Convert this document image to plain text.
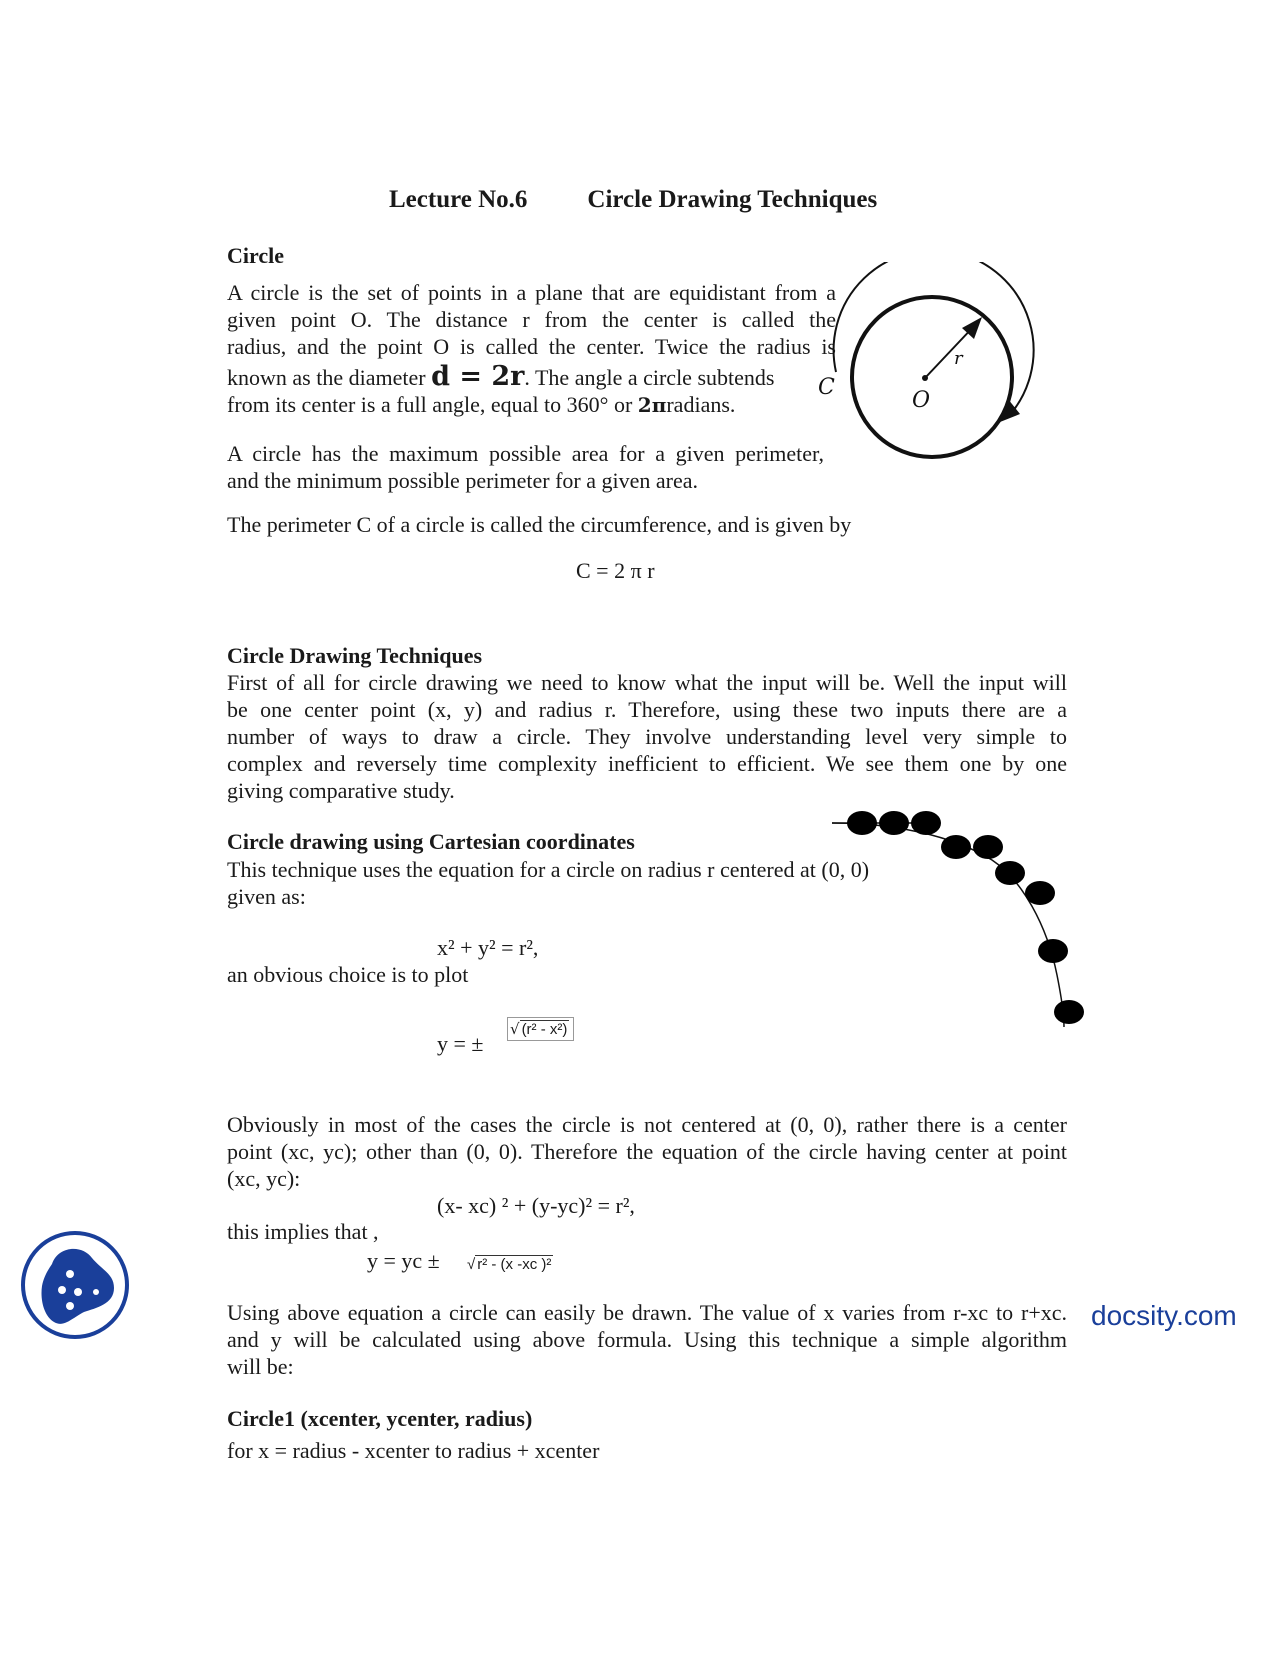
Lecture No.6 Circle Drawing Techniques
Circle
A circle is the set of points in a plane that are equidistant from a
given point O. The distance r from the center is called the
radius, and the point O is called the center. Twice the radius is
known as the diameter d = 2r. The angle a circle subtends
from its center is a full angle, equal to 360° or 2πradians.
A circle has the maximum possible area for a given perimeter,
and the minimum possible perimeter for a given area.
The perimeter C of a circle is called the circumference, and is given by
C = 2 π r
C
O
r
Circle Drawing Techniques
First of all for circle drawing we need to know what the input will be. Well the input will
be one center point (x, y) and radius r. Therefore, using these two inputs there are a
number of ways to draw a circle. They involve understanding level very simple to
complex and reversely time complexity inefficient to efficient. We see them one by one
giving comparative study.
Circle drawing using Cartesian coordinates
This technique uses the equation for a circle on radius r centered at (0, 0)
given as:
x² + y² = r²,
an obvious choice is to plot
y = ±
√ (r² - x²)
Obviously in most of the cases the circle is not centered at (0, 0), rather there is a center
point (xc, yc); other than (0, 0). Therefore the equation of the circle having center at point
(xc, yc):
(x- xc) ² + (y-yc)² = r²,
this implies that ,
y = yc ± √ r² - (x -xc )²
Using above equation a circle can easily be drawn. The value of x varies from r-xc to r+xc.
and y will be calculated using above formula. Using this technique a simple algorithm
will be:
Circle1 (xcenter, ycenter, radius)
for x = radius - xcenter to radius + xcenter
docsity.com
